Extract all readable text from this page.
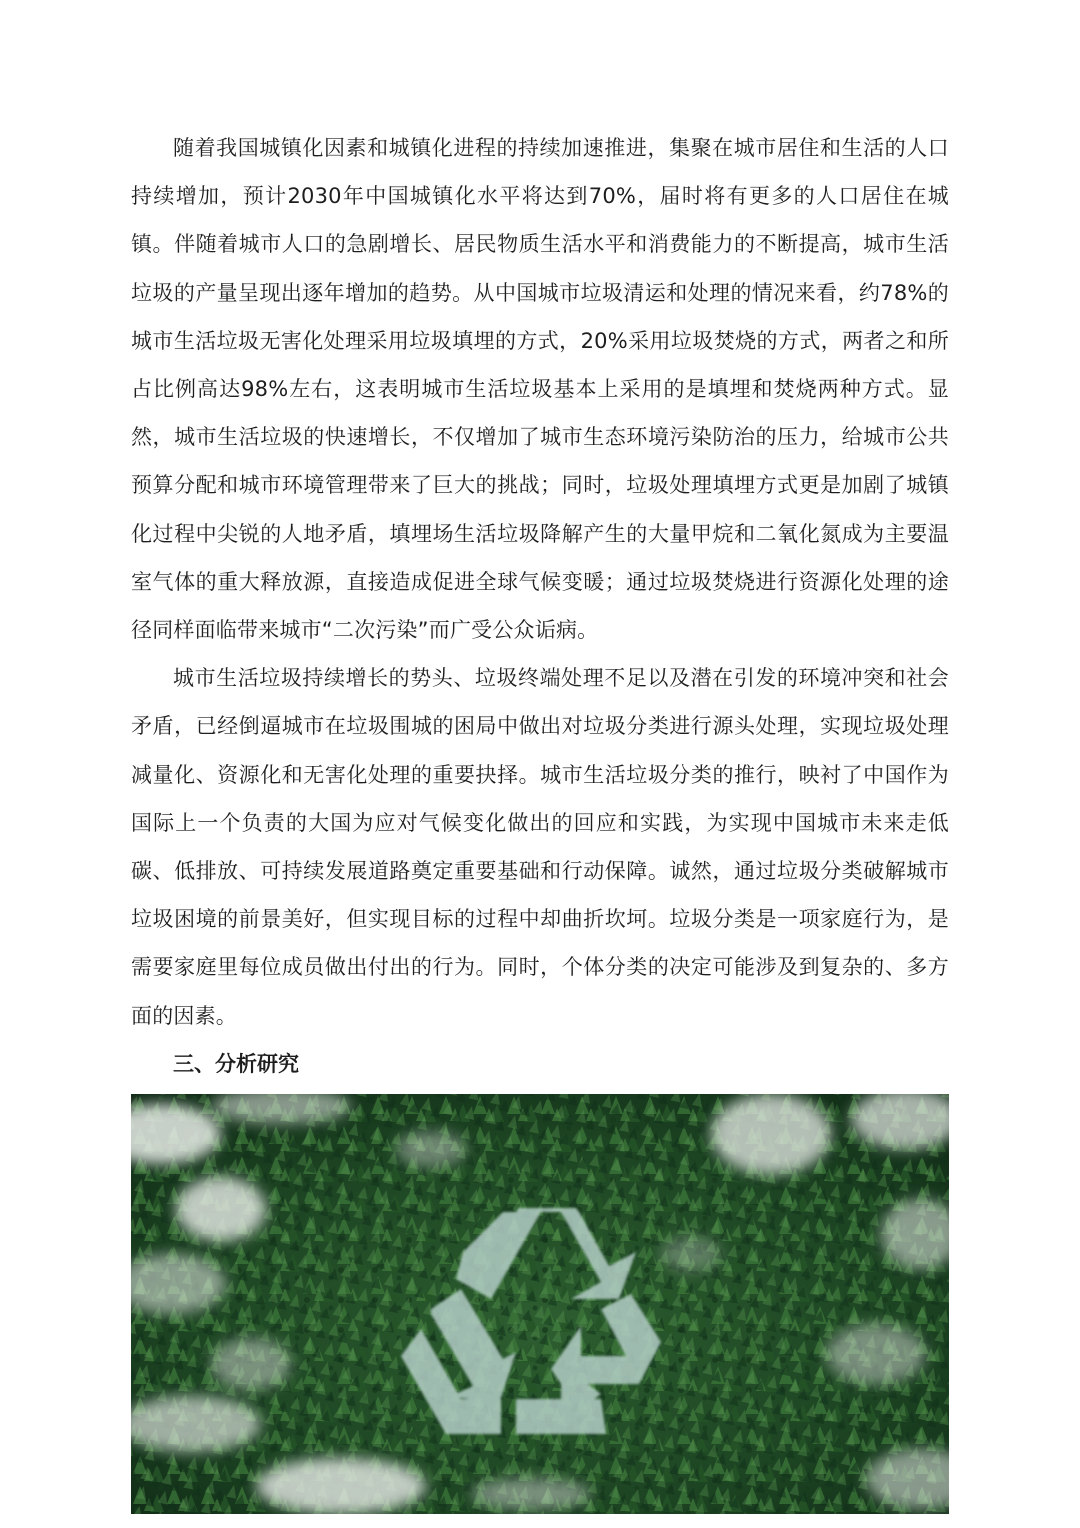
随着我国城镇化因素和城镇化进程的持续加速推进，集聚在城市居住和生活的人口持续增加，预计2030年中国城镇化水平将达到70%，届时将有更多的人口居住在城镇。伴随着城市人口的急剧增长、居民物质生活水平和消费能力的不断提高，城市生活垃圾的产量呈现出逐年增加的趋势。从中国城市垃圾清运和处理的情况来看，约78%的城市生活垃圾无害化处理采用垃圾填埋的方式，20%采用垃圾焚烧的方式，两者之和所占比例高达98%左右，这表明城市生活垃圾基本上采用的是填埋和焚烧两种方式。显然，城市生活垃圾的快速增长，不仅增加了城市生态环境污染防治的压力，给城市公共预算分配和城市环境管理带来了巨大的挑战；同时，垃圾处理填埋方式更是加剧了城镇化过程中尖锐的人地矛盾，填埋场生活垃圾降解产生的大量甲烷和二氧化氮成为主要温室气体的重大释放源，直接造成促进全球气候变暖；通过垃圾焚烧进行资源化处理的途径同样面临带来城市“二次污染”而广受公众诟病。

城市生活垃圾持续增长的势头、垃圾终端处理不足以及潜在引发的环境冲突和社会矛盾，已经倒逼城市在垃圾围城的困局中做出对垃圾分类进行源头处理，实现垃圾处理减量化、资源化和无害化处理的重要抉择。城市生活垃圾分类的推行，映衬了中国作为国际上一个负责的大国为应对气候变化做出的回应和实践，为实现中国城市未来走低碳、低排放、可持续发展道路奠定重要基础和行动保障。诚然，通过垃圾分类破解城市垃圾困境的前景美好，但实现目标的过程中却曲折坎坷。垃圾分类是一项家庭行为，是需要家庭里每位成员做出付出的行为。同时，个体分类的决定可能涉及到复杂的、多方面的因素。

三、分析研究
